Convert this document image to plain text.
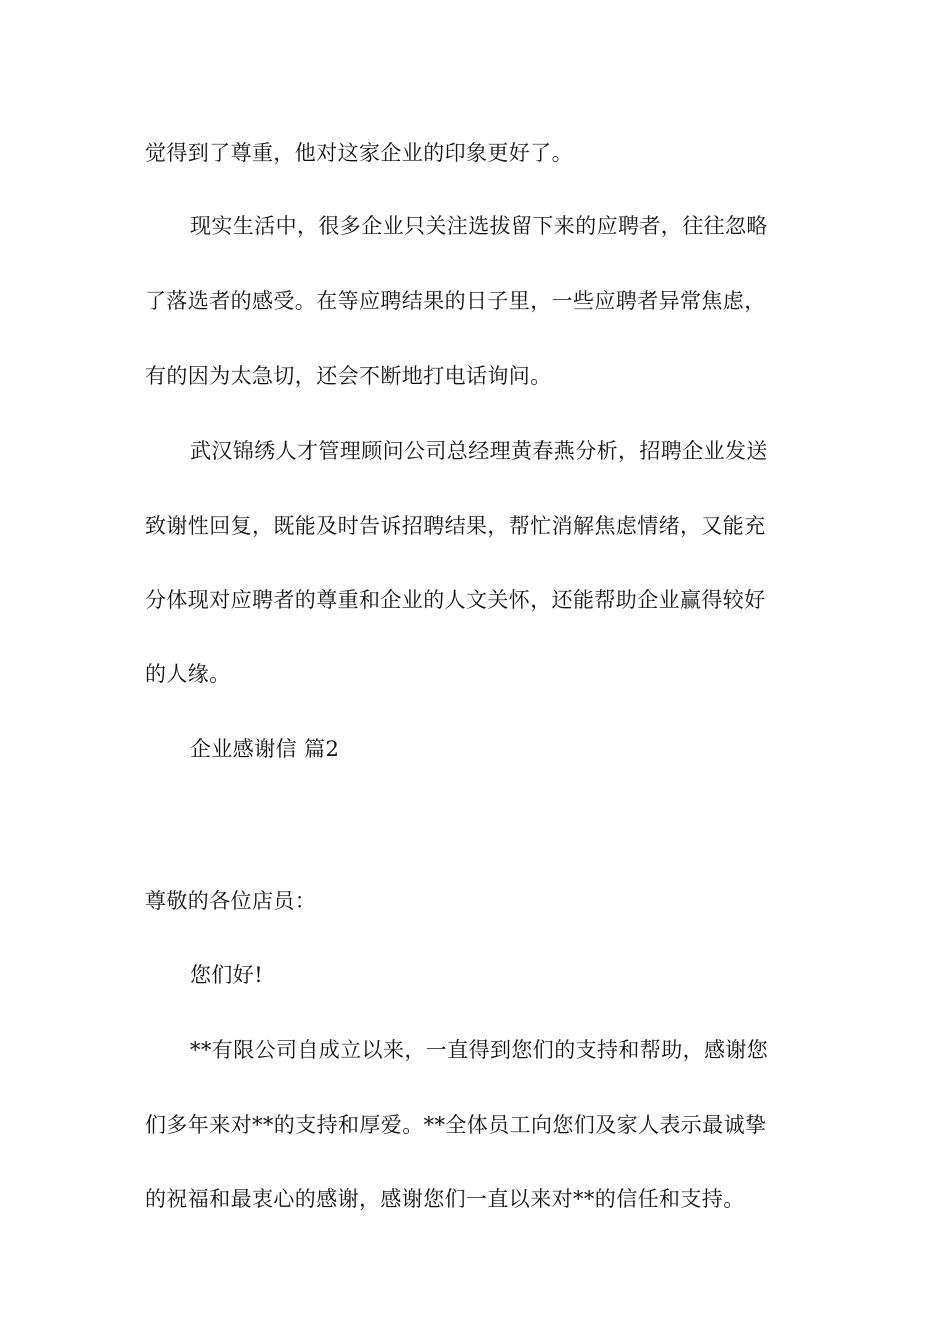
觉得到了尊重，他对这家企业的印象更好了。
现实生活中，很多企业只关注选拔留下来的应聘者，往往忽略
了落选者的感受。在等应聘结果的日子里，一些应聘者异常焦虑，
有的因为太急切，还会不断地打电话询问。
武汉锦绣人才管理顾问公司总经理黄春燕分析，招聘企业发送
致谢性回复，既能及时告诉招聘结果，帮忙消解焦虑情绪，又能充
分体现对应聘者的尊重和企业的人文关怀，还能帮助企业赢得较好
的人缘。
企业感谢信 篇2
尊敬的各位店员：
您们好!
**有限公司自成立以来，一直得到您们的支持和帮助，感谢您
们多年来对**的支持和厚爱。**全体员工向您们及家人表示最诚挚
的祝福和最衷心的感谢，感谢您们一直以来对**的信任和支持。
